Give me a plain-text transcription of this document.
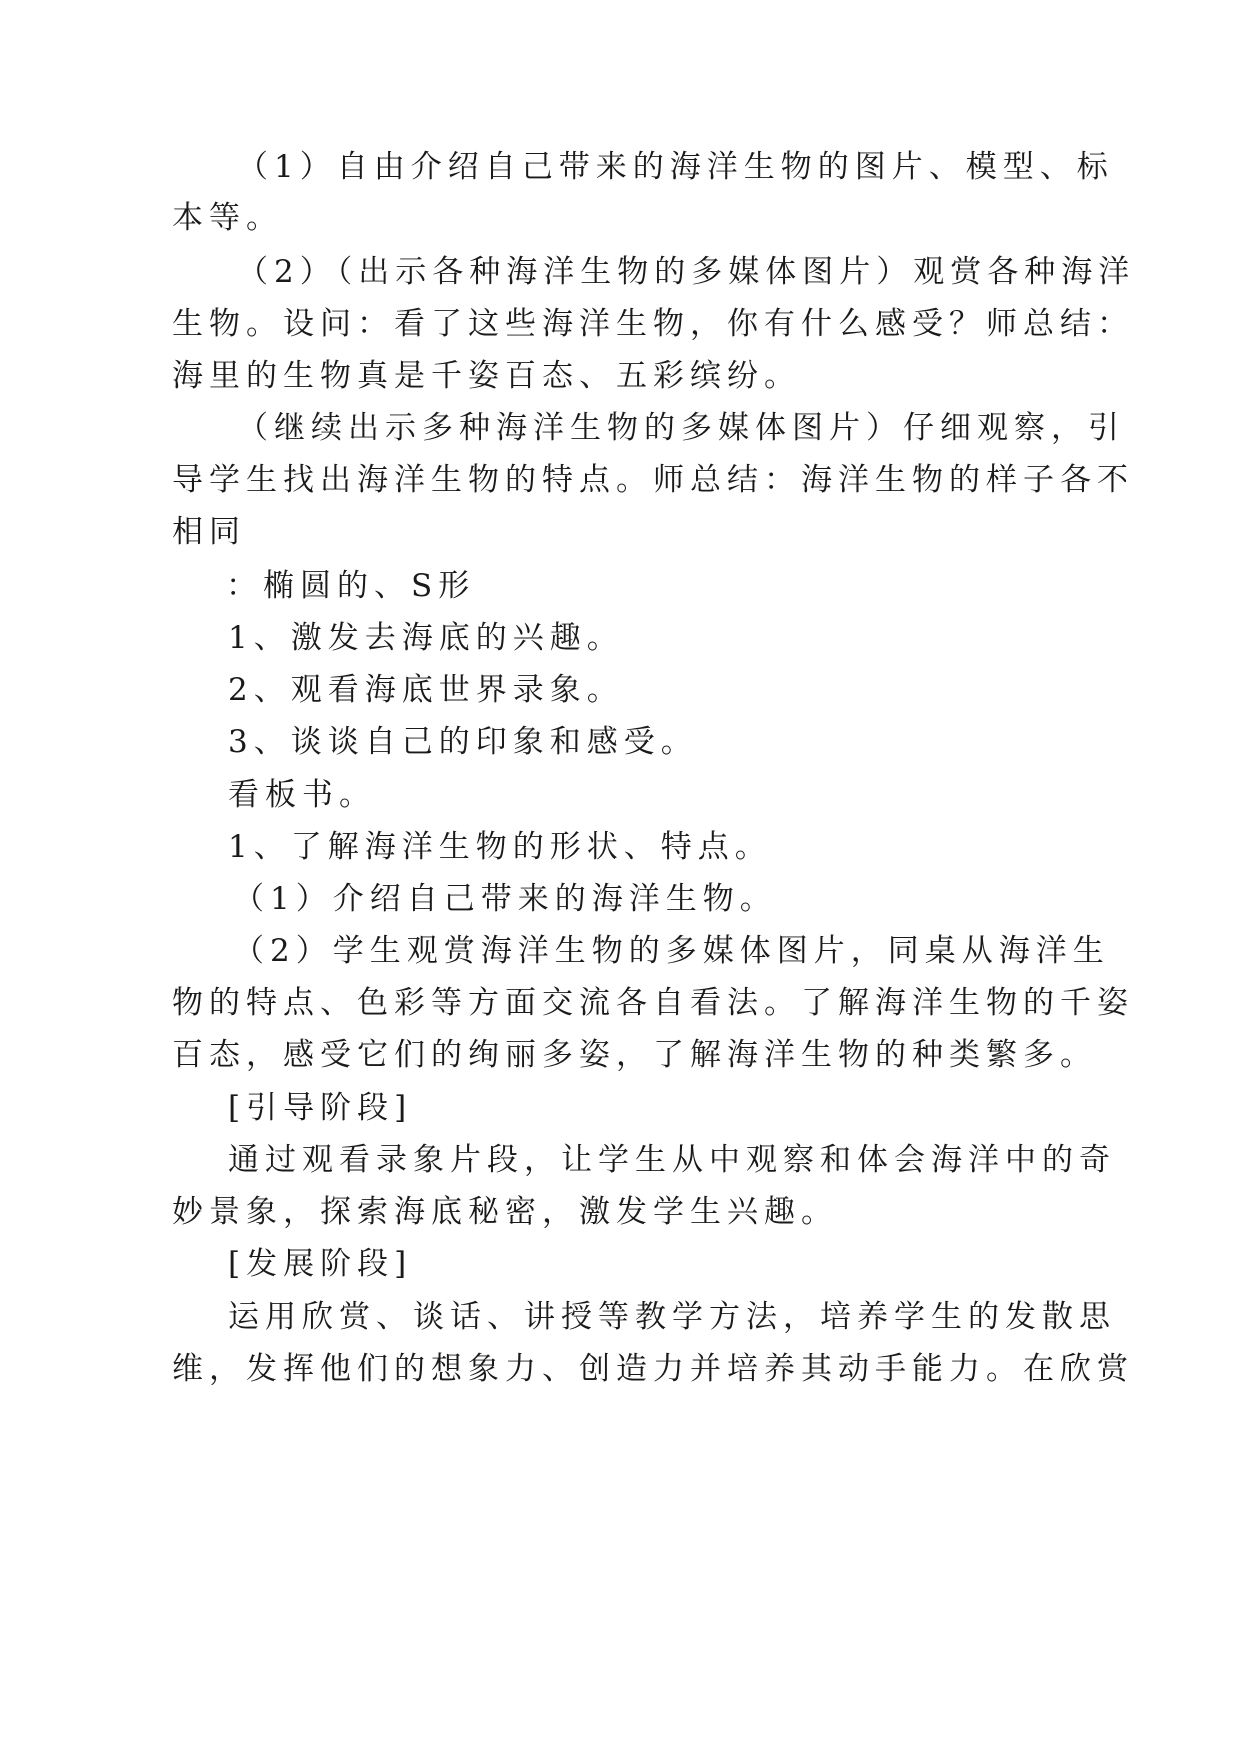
（1）自由介绍自己带来的海洋生物的图片、模型、标
本等。
（2）（出示各种海洋生物的多媒体图片）观赏各种海洋
生物。设问：看了这些海洋生物，你有什么感受？师总结：
海里的生物真是千姿百态、五彩缤纷。
（继续出示多种海洋生物的多媒体图片）仔细观察，引
导学生找出海洋生物的特点。师总结：海洋生物的样子各不
相同
：椭圆的、S形
1、激发去海底的兴趣。
2、观看海底世界录象。
3、谈谈自己的印象和感受。
看板书。
1、了解海洋生物的形状、特点。
（1）介绍自己带来的海洋生物。
（2）学生观赏海洋生物的多媒体图片，同桌从海洋生
物的特点、色彩等方面交流各自看法。了解海洋生物的千姿
百态，感受它们的绚丽多姿，了解海洋生物的种类繁多。
[引导阶段]
通过观看录象片段，让学生从中观察和体会海洋中的奇
妙景象，探索海底秘密，激发学生兴趣。
[发展阶段]
运用欣赏、谈话、讲授等教学方法，培养学生的发散思
维，发挥他们的想象力、创造力并培养其动手能力。在欣赏
